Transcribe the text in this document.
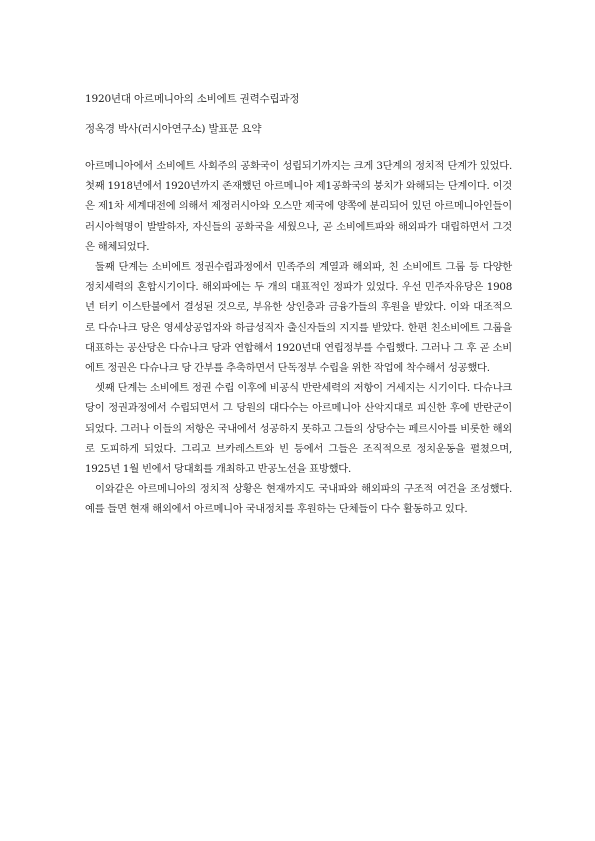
1920년대 아르메니아의 소비에트 권력수립과정
정옥경 박사(러시아연구소) 발표문 요약

아르메니아에서 소비에트 사회주의 공화국이 성립되기까지는 크게 3단계의 정치적 단계가 있었다. 첫째 1918년에서 1920년까지 존재했던 아르메니아 제1공화국의 붕치가 와해되는 단계이다. 이것은 제1차 세계대전에 의해서 제정러시아와 오스만 제국에 양쪽에 분리되어 있던 아르메니아인들이 러시아혁명이 발발하자, 자신들의 공화국을 세웠으나, 곧 소비에트파와 해외파가 대립하면서 그것은 해체되었다.

둘째 단계는 소비에트 정권수립과정에서 민족주의 계열과 해외파, 친 소비에트 그룹 등 다양한 정치세력의 혼합시기이다. 해외파에는 두 개의 대표적인 정파가 있었다. 우선 민주자유당은 1908년 터키 이스탄불에서 결성된 것으로, 부유한 상인층과 금융가들의 후원을 받았다. 이와 대조적으로 다슈나크 당은 영세상공업자와 하급성직자 출신자들의 지지를 받았다. 한편 친소비에트 그룹을 대표하는 공산당은 다슈나크 당과 연합해서 1920년대 연립정부를 수립했다. 그러나 그 후 곧 소비에트 정권은 다슈나크 당 간부를 추축하면서 단독정부 수립을 위한 작업에 착수해서 성공했다.

셋째 단계는 소비에트 정권 수립 이후에 비공식 반란세력의 저항이 거세지는 시기이다. 다슈나크 당이 정권과정에서 수립되면서 그 당원의 대다수는 아르메니아 산악지대로 피신한 후에 반란군이 되었다. 그러나 이들의 저항은 국내에서 성공하지 못하고 그들의 상당수는 페르시아를 비롯한 해외로 도피하게 되었다. 그리고 브카레스트와 빈 등에서 그들은 조직적으로 정치운동을 펼쳤으며, 1925년 1월 빈에서 당대회를 개최하고 반공노선을 표방했다.

이와같은 아르메니아의 정치적 상황은 현재까지도 국내파와 해외파의 구조적 여건을 조성했다. 예를 들면 현재 해외에서 아르메니아 국내정치를 후원하는 단체들이 다수 활동하고 있다.
